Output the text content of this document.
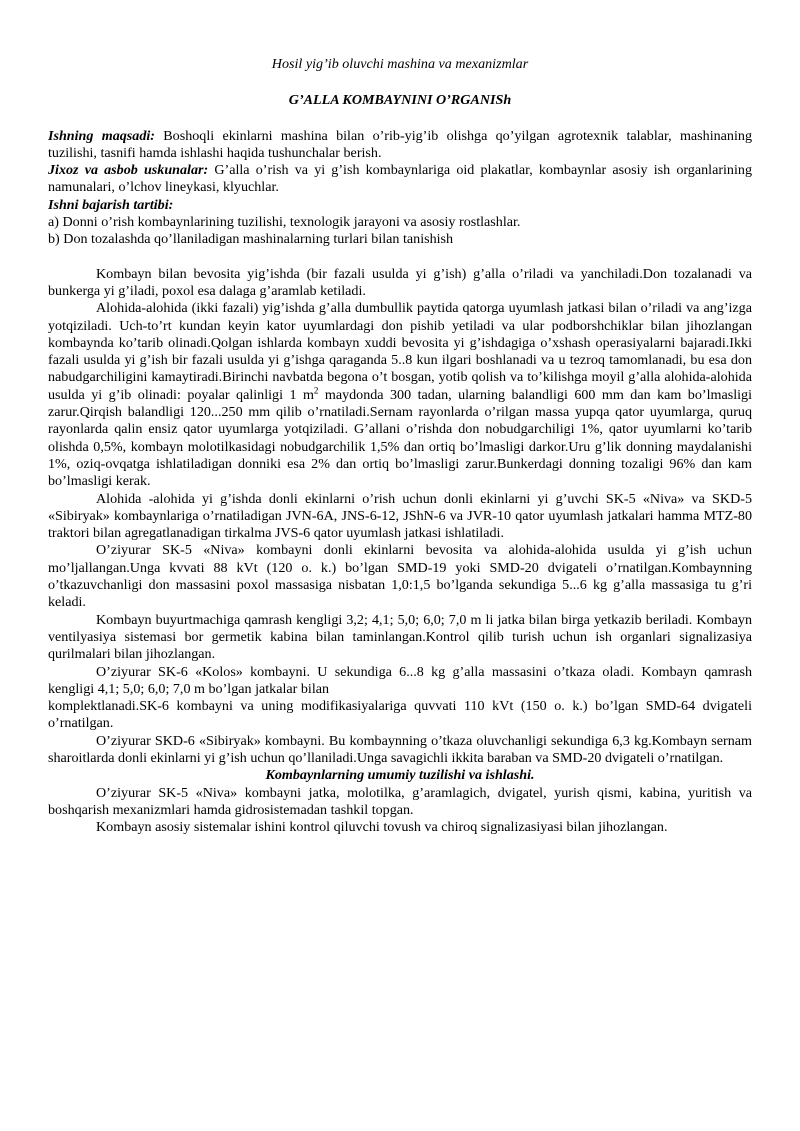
Hosil yig’ib oluvchi mashina va mexanizmlar

G’ALLA KOMBAYNINI O’RGANISh

Ishning maqsadi: Boshoqli ekinlarni mashina bilan o’rib-yig’ib olishga qo’yilgan agrotexnik talablar, mashinaning tuzilishi, tasnifi hamda ishlashi haqida tushunchalar berish.

Jixoz va asbob uskunalar: G’alla o’rish va yi g’ish kombaynlariga oid plakatlar, kombaynlar asosiy ish organlarining namunalari, o’lchov lineykasi, klyuchlar.

Ishni bajarish tartibi:

a) Donni o’rish kombaynlarining tuzilishi, texnologik jarayoni va asosiy rostlashlar.

b) Don tozalashda qo’llaniladigan mashinalarning turlari bilan tanishish

Kombayn bilan bevosita yig’ishda (bir fazali usulda yi g’ish) g’alla o’riladi va yanchiladi.Don tozalanadi va bunkerga yi g’iladi, poxol esa dalaga g’aramlab ketiladi.

Alohida-alohida (ikki fazali) yig’ishda g’alla dumbullik paytida qatorga uyumlash jatkasi bilan o’riladi va ang’izga yotqiziladi. Uch-to’rt kundan keyin kator uyumlardagi don pishib yetiladi va ular podborshchiklar bilan jihozlangan kombaynda ko’tarib olinadi.Qolgan ishlarda kombayn xuddi bevosita yi g’ishdagiga o’xshash operasiyalarni bajaradi.Ikki fazali usulda yi g’ish bir fazali usulda yi g’ishga qaraganda 5..8 kun ilgari boshlanadi va u tezroq tamomlanadi, bu esa don nabudgarchiligini kamaytiradi.Birinchi navbatda begona o’t bosgan, yotib qolish va to’kilishga moyil g’alla alohida-alohida usulda yi g’ib olinadi: poyalar qalinligi 1 $m^2$ maydonda 300 tadan, ularning balandligi 600 mm dan kam bo’lmasligi zarur.Qirqish balandligi 120...250 mm qilib o’rnatiladi.Sernam rayonlarda o’rilgan massa yupqa qator uyumlarga, quruq rayonlarda qalin ensiz qator uyumlarga yotqiziladi. G’allani o’rishda don nobudgarchiligi 1%, qator uyumlarni ko’tarib olishda 0,5%, kombayn molotilkasidagi nobudgarchilik 1,5% dan ortiq bo’lmasligi darkor.Uru g’lik donning maydalanishi 1%, oziq-ovqatga ishlatiladigan donniki esa 2% dan ortiq bo’lmasligi zarur.Bunkerdagi donning tozaligi 96% dan kam bo’lmasligi kerak.

Alohida -alohida yi g’ishda donli ekinlarni o’rish uchun donli ekinlarni yi g’uvchi SK-5 «Niva» va SKD-5 «Sibiryak» kombaynlariga o’rnatiladigan JVN-6A, JNS-6-12, JShN-6 va JVR-10 qator uyumlash jatkalari hamma MTZ-80 traktori bilan agregatlanadigan tirkalma JVS-6 qator uyumlash jatkasi ishlatiladi.

O’ziyurar SK-5 «Niva» kombayni donli ekinlarni bevosita va alohida-alohida usulda yi g’ish uchun mo’ljallangan.Unga kvvati 88 kVt (120 o. k.) bo’lgan SMD-19 yoki SMD-20 dvigateli o’rnatilgan.Kombaynning o’tkazuvchanligi don massasini poxol massasiga nisbatan 1,0:1,5 bo’lganda sekundiga 5...6 kg g’alla massasiga tu g’ri keladi.

Kombayn buyurtmachiga qamrash kengligi 3,2; 4,1; 5,0; 6,0; 7,0 m li jatka bilan birga yetkazib beriladi. Kombayn ventilyasiya sistemasi bor germetik kabina bilan taminlangan.Kontrol qilib turish uchun ish organlari signalizasiya qurilmalari bilan jihozlangan.

O’ziyurar SK-6 «Kolos» kombayni. U sekundiga 6...8 kg g’alla massasini o’tkaza oladi. Kombayn qamrash kengligi 4,1; 5,0; 6,0; 7,0 m bo’lgan jatkalar bilan

komplektlanadi.SK-6 kombayni va uning modifikasiyalariga quvvati 110 kVt (150 o. k.) bo’lgan SMD-64 dvigateli o’rnatilgan.

O’ziyurar SKD-6 «Sibiryak» kombayni. Bu kombaynning o’tkaza oluvchanligi sekundiga 6,3 kg.Kombayn sernam sharoitlarda donli ekinlarni yi g’ish uchun qo’llaniladi.Unga savagichli ikkita baraban va SMD-20 dvigateli o’rnatilgan.

Kombaynlarning umumiy tuzilishi va ishlashi.

O’ziyurar SK-5 «Niva» kombayni jatka, molotilka, g’aramlagich, dvigatel, yurish qismi, kabina, yuritish va boshqarish mexanizmlari hamda gidrosistemadan tashkil topgan.

Kombayn asosiy sistemalar ishini kontrol qiluvchi tovush va chiroq signalizasiyasi bilan jihozlangan.
